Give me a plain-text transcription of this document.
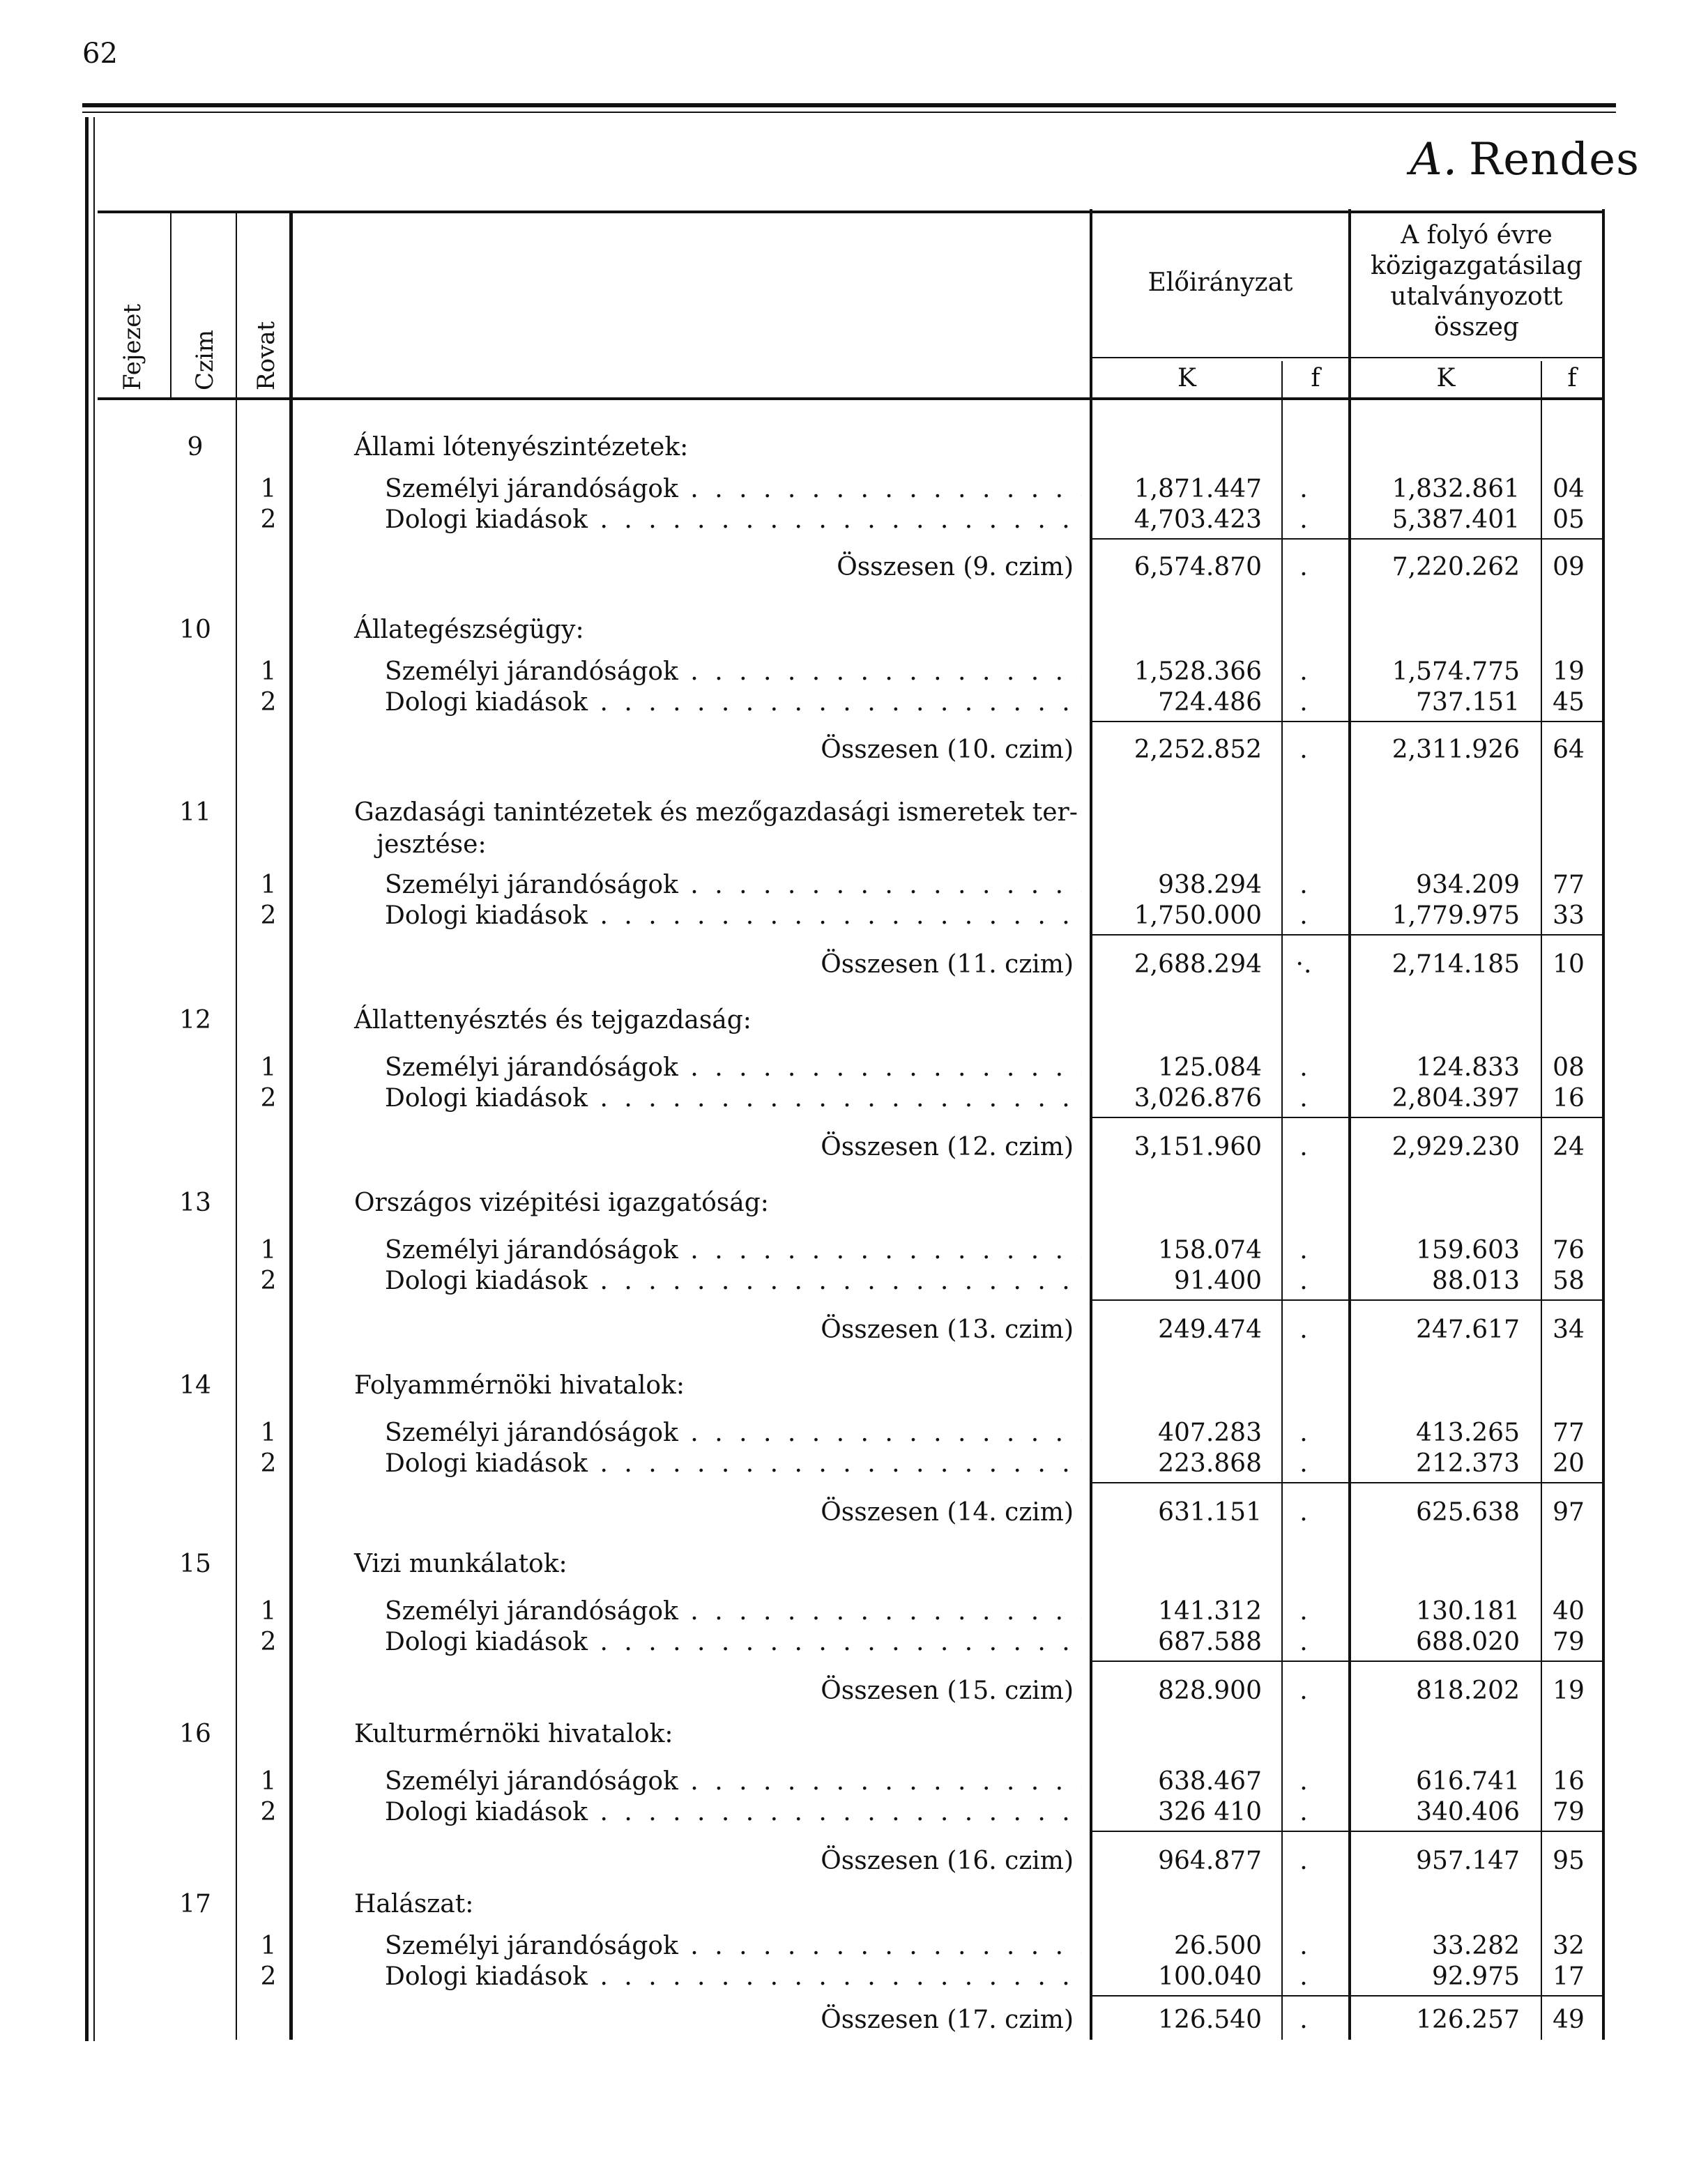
62
A. Rendes
Fejezet Czim Rovat
Előirányzat
A folyó évre
közigazgatásilag
utalványozott
összeg
K	f	K	f
9	Állami lótenyészintézetek:
1	Személyi járandóságok . . .	1,871.447	.	1,832.861	04
2	Dologi kiadások . . .	4,703.423	.	5,387.401	05
Összesen (9. czim)	6,574.870	.	7,220.262	09
10	Állategészségügy:
1	Személyi járandóságok . . .	1,528.366	.	1,574.775	19
2	Dologi kiadások . . .	724.486	.	737.151	45
Összesen (10. czim)	2,252.852	.	2,311.926	64
11	Gazdasági tanintézetek és mezőgazdasági ismeretek ter-
jesztése:
1	Személyi járandóságok . . .	938.294	.	934.209	77
2	Dologi kiadások . . .	1,750.000	.	1,779.975	33
Összesen (11. czim)	2,688.294	·.	2,714.185	10
12	Állattenyésztés és tejgazdaság:
1	Személyi járandóságok . . .	125.084	.	124.833	08
2	Dologi kiadások . . .	3,026.876	.	2,804.397	16
Összesen (12. czim)	3,151.960	.	2,929.230	24
13	Országos vizépitési igazgatóság:
1	Személyi járandóságok . . .	158.074	.	159.603	76
2	Dologi kiadások . . .	91.400	.	88.013	58
Összesen (13. czim)	249.474	.	247.617	34
14	Folyammérnöki hivatalok:
1	Személyi járandóságok . . .	407.283	.	413.265	77
2	Dologi kiadások . . .	223.868	.	212.373	20
Összesen (14. czim)	631.151	.	625.638	97
15	Vizi munkálatok:
1	Személyi járandóságok . . .	141.312	.	130.181	40
2	Dologi kiadások . . .	687.588	.	688.020	79
Összesen (15. czim)	828.900	.	818.202	19
16	Kulturmérnöki hivatalok:
1	Személyi járandóságok . . .	638.467	.	616.741	16
2	Dologi kiadások . . .	326 410	.	340.406	79
Összesen (16. czim)	964.877	.	957.147	95
17	Halászat:
1	Személyi járandóságok . . .	26.500	.	33.282	32
2	Dologi kiadások . . .	100.040	.	92.975	17
Összesen (17. czim)	126.540	.	126.257	49
